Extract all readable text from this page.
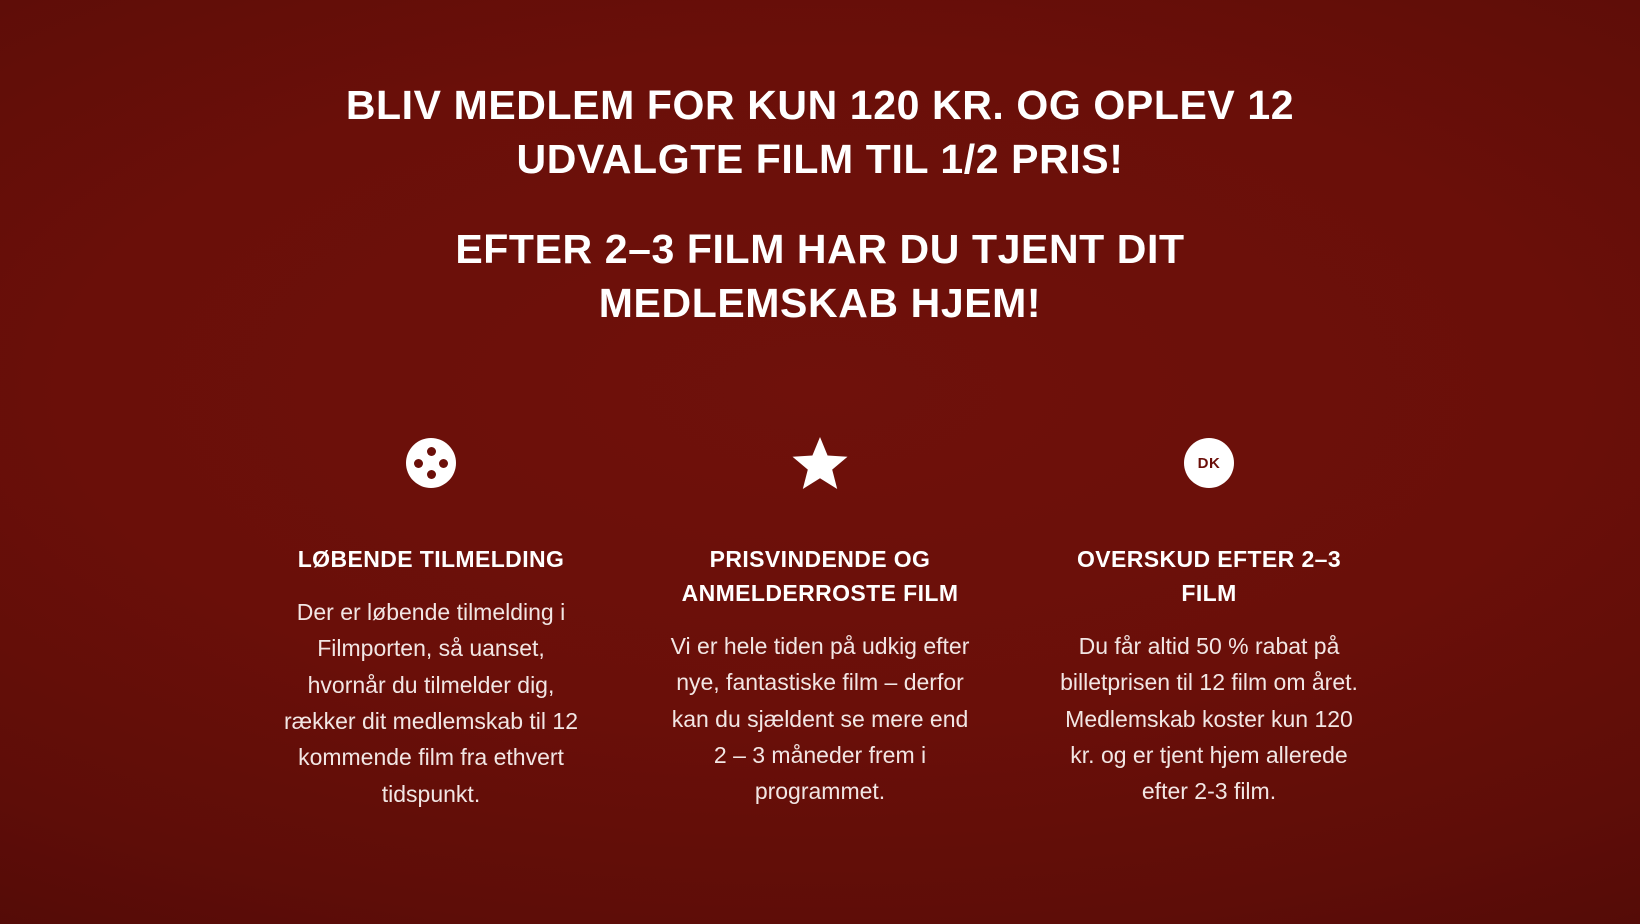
BLIV MEDLEM FOR KUN 120 KR. OG OPLEV 12 UDVALGTE FILM TIL 1/2 PRIS!
EFTER 2–3 FILM HAR DU TJENT DIT MEDLEMSKAB HJEM!
LØBENDE TILMELDING

Der er løbende tilmelding i Filmporten, så uanset, hvornår du tilmelder dig, rækker dit medlemskab til 12 kommende film fra ethvert tidspunkt.

PRISVINDENDE OG ANMELDERROSTE FILM

Vi er hele tiden på udkig efter nye, fantastiske film – derfor kan du sjældent se mere end 2 – 3 måneder frem i programmet.

DK
OVERSKUD EFTER 2–3 FILM

Du får altid 50 % rabat på billetprisen til 12 film om året. Medlemskab koster kun 120 kr. og er tjent hjem allerede efter 2-3 film.
